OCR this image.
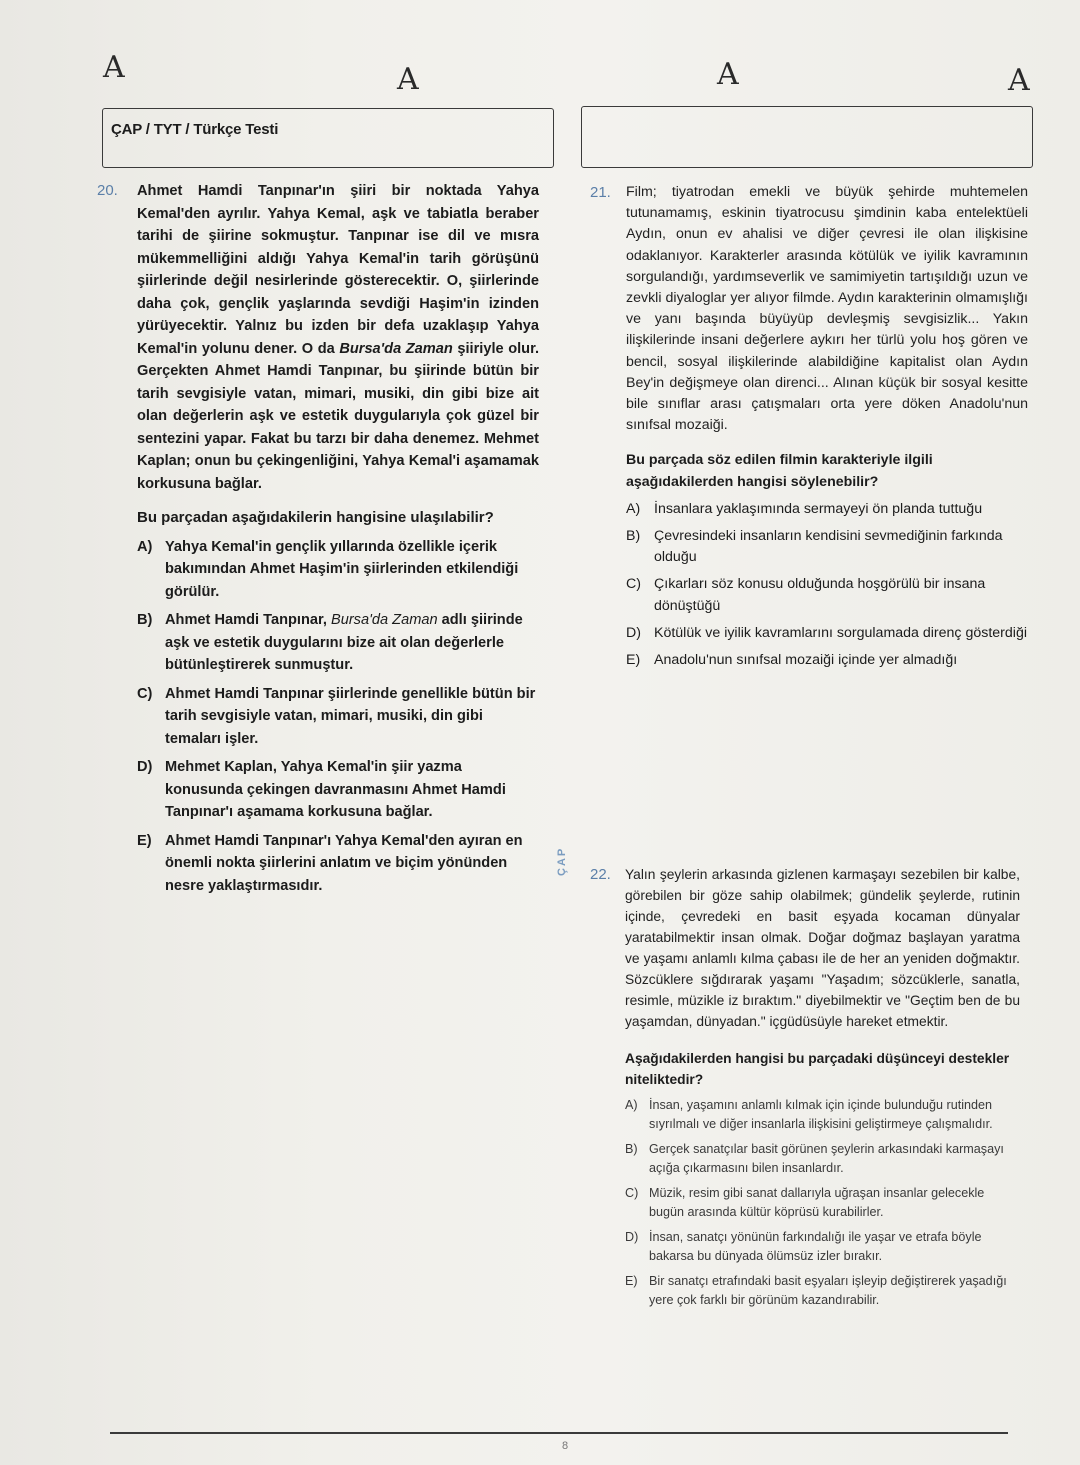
A	A	A	A
ÇAP / TYT / Türkçe Testi
20. Ahmet Hamdi Tanpınar'ın şiiri bir noktada Yahya Kemal'den ayrılır. Yahya Kemal, aşk ve tabiatla beraber tarihi de şiirine sokmuştur. Tanpınar ise dil ve mısra mükemmelliğini aldığı Yahya Kemal'in tarih görüşünü şiirlerinde değil nesirlerinde gösterecektir. O, şiirlerinde daha çok, gençlik yaşlarında sevdiği Haşim'in izinden yürüyecektir. Yalnız bu izden bir defa uzaklaşıp Yahya Kemal'in yolunu dener. O da Bursa'da Zaman şiiriyle olur. Gerçekten Ahmet Hamdi Tanpınar, bu şiirinde bütün bir tarih sevgisiyle vatan, mimari, musiki, din gibi bize ait olan değerlerin aşk ve estetik duygularıyla çok güzel bir sentezini yapar. Fakat bu tarzı bir daha denemez. Mehmet Kaplan; onun bu çekingenliğini, Yahya Kemal'i aşamamak korkusuna bağlar.
Bu parçadan aşağıdakilerin hangisine ulaşılabilir?
A) Yahya Kemal'in gençlik yıllarında özellikle içerik bakımından Ahmet Haşim'in şiirlerinden etkilendiği görülür.
B) Ahmet Hamdi Tanpınar, Bursa'da Zaman adlı şiirinde aşk ve estetik duygularını bize ait olan değerlerle bütünleştirerek sunmuştur.
C) Ahmet Hamdi Tanpınar şiirlerinde genellikle bütün bir tarih sevgisiyle vatan, mimari, musiki, din gibi temaları işler.
D) Mehmet Kaplan, Yahya Kemal'in şiir yazma konusunda çekingen davranmasını Ahmet Hamdi Tanpınar'ı aşamama korkusuna bağlar.
E) Ahmet Hamdi Tanpınar'ı Yahya Kemal'den ayıran en önemli nokta şiirlerini anlatım ve biçim yönünden nesre yaklaştırmasıdır.
ÇAP
21. Film; tiyatrodan emekli ve büyük şehirde muhtemelen tutunamamış, eskinin tiyatrocusu şimdinin kaba entelektüeli Aydın, onun ev ahalisi ve diğer çevresi ile olan ilişkisine odaklanıyor. Karakterler arasında kötülük ve iyilik kavramının sorgulandığı, yardımseverlik ve samimiyetin tartışıldığı uzun ve zevkli diyaloglar yer alıyor filmde. Aydın karakterinin olmamışlığı ve yanı başında büyüyüp devleşmiş sevgisizlik... Yakın ilişkilerinde insani değerlere aykırı her türlü yolu hoş gören ve bencil, sosyal ilişkilerinde alabildiğine kapitalist olan Aydın Bey'in değişmeye olan direnci... Alınan küçük bir sosyal kesitte bile sınıflar arası çatışmaları orta yere döken Anadolu'nun sınıfsal mozaiği.
Bu parçada söz edilen filmin karakteriyle ilgili aşağıdakilerden hangisi söylenebilir?
A) İnsanlara yaklaşımında sermayeyi ön planda tuttuğu
B) Çevresindeki insanların kendisini sevmediğinin farkında olduğu
C) Çıkarları söz konusu olduğunda hoşgörülü bir insana dönüştüğü
D) Kötülük ve iyilik kavramlarını sorgulamada direnç gösterdiği
E) Anadolu'nun sınıfsal mozaiği içinde yer almadığı
22. Yalın şeylerin arkasında gizlenen karmaşayı sezebilen bir kalbe, görebilen bir göze sahip olabilmek; gündelik şeylerde, rutinin içinde, çevredeki en basit eşyada kocaman dünyalar yaratabilmektir insan olmak. Doğar doğmaz başlayan yaratma ve yaşamı anlamlı kılma çabası ile de her an yeniden doğmaktır. Sözcüklere sığdırarak yaşamı "Yaşadım; sözcüklerle, sanatla, resimle, müzikle iz bıraktım." diyebilmektir ve "Geçtim ben de bu yaşamdan, dünyadan." içgüdüsüyle hareket etmektir.
Aşağıdakilerden hangisi bu parçadaki düşünceyi destekler niteliktedir?
A) İnsan, yaşamını anlamlı kılmak için içinde bulunduğu rutinden sıyrılmalı ve diğer insanlarla ilişkisini geliştirmeye çalışmalıdır.
B) Gerçek sanatçılar basit görünen şeylerin arkasındaki karmaşayı açığa çıkarmasını bilen insanlardır.
C) Müzik, resim gibi sanat dallarıyla uğraşan insanlar gelecekle bugün arasında kültür köprüsü kurabilirler.
D) İnsan, sanatçı yönünün farkındalığı ile yaşar ve etrafa böyle bakarsa bu dünyada ölümsüz izler bırakır.
E) Bir sanatçı etrafındaki basit eşyaları işleyip değiştirerek yaşadığı yere çok farklı bir görünüm kazandırabilir.
8
